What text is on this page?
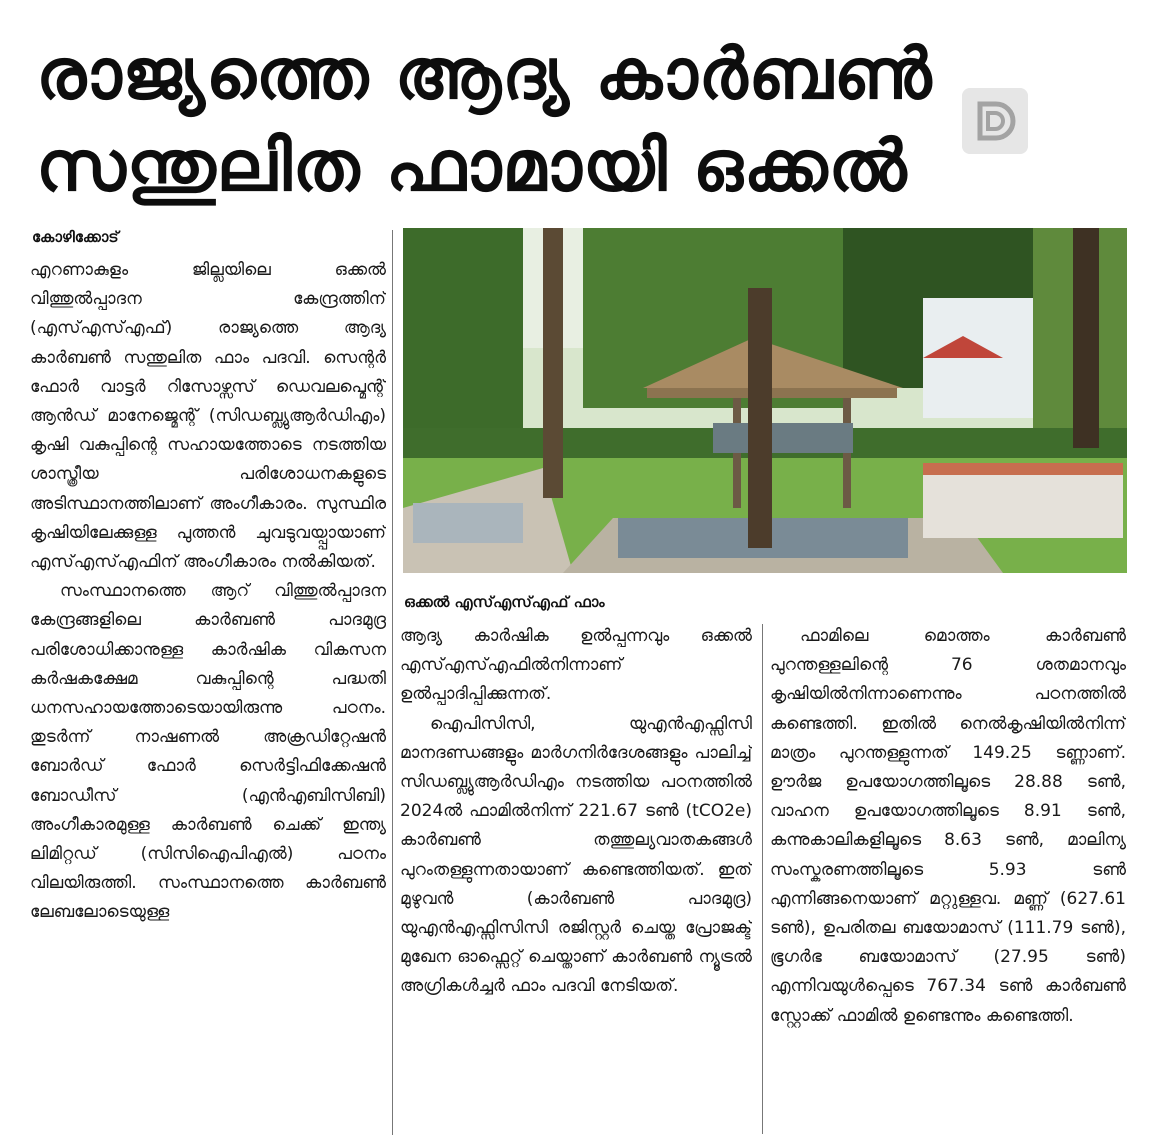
രാജ്യത്തെ ആദ്യ കാർബൺ
സന്തുലിത ഫാമായി ഒക്കൽ
കോഴിക്കോട്

എറണാകുളം ജില്ലയിലെ ഒക്കൽ വിത്തുൽപ്പാദന കേന്ദ്രത്തിന് (എസ്എസ്എഫ്) രാജ്യത്തെ ആദ്യ കാർബൺ സന്തുലിത ഫാം പദവി. സെന്റർ ഫോർ വാട്ടർ റിസോഴ്സസ് ഡെവലപ്മെന്റ് ആൻഡ് മാനേജ്മെന്റ് (സിഡബ്ല്യുആർഡിഎം) കൃഷി വകുപ്പിന്റെ സഹായത്തോടെ നടത്തിയ ശാസ്ത്രീയ പരിശോധനകളുടെ അടിസ്ഥാനത്തിലാണ് അംഗീകാരം. സുസ്ഥിര കൃഷിയിലേക്കുള്ള പുത്തൻ ചുവടുവയ്പ്പായാണ് എസ്എസ്എഫിന് അംഗീകാരം നൽകിയത്.

സംസ്ഥാനത്തെ ആറ് വിത്തുൽപ്പാദന കേന്ദ്രങ്ങളിലെ കാർബൺ പാദമുദ്ര പരിശോധിക്കാനുള്ള കാർഷിക വികസന കർഷകക്ഷേമ വകുപ്പിന്റെ പദ്ധതി ധനസഹായത്തോടെയായിരുന്നു പഠനം. തുടർന്ന് നാഷണൽ അക്രഡിറ്റേഷൻ ബോർഡ് ഫോർ സെർട്ടിഫിക്കേഷൻ ബോഡീസ് (എൻഎബിസിബി) അംഗീകാരമുള്ള കാർബൺ ചെക്ക് ഇന്ത്യ ലിമിറ്റഡ് (സിസിഐപിഎൽ) പഠനം വിലയിരുത്തി. സംസ്ഥാനത്തെ കാർബൺ ലേബലോടെയുള്ള

ഒക്കൽ എസ്എസ്എഫ് ഫാം

ആദ്യ കാർഷിക ഉൽപ്പന്നവും ഒക്കൽ എസ്എസ്എഫിൽനിന്നാണ് ഉൽപ്പാദിപ്പിക്കുന്നത്.

ഐപിസിസി, യുഎൻഎഫ്സിസി മാനദണ്ഡങ്ങളും മാർഗനിർദേശങ്ങളും പാലിച്ച് സിഡബ്ല്യുആർഡിഎം നടത്തിയ പഠനത്തിൽ 2024ൽ ഫാമിൽനിന്ന് 221.67 ടൺ (tCO2e) കാർബൺ തത്തുല്യവാതകങ്ങൾ പുറംതള്ളുന്നതായാണ് കണ്ടെത്തിയത്. ഇത് മുഴുവൻ (കാർബൺ പാദമുദ്ര) യുഎൻഎഫ്സിസിസി രജിസ്റ്റർ ചെയ്ത പ്രോജക്ട് മുഖേന ഓഫ്സെറ്റ് ചെയ്താണ് കാർബൺ ന്യൂട്രൽ അഗ്രികൾച്ചർ ഫാം പദവി നേടിയത്.

ഫാമിലെ മൊത്തം കാർബൺ പുറന്തള്ളലിന്റെ 76 ശതമാനവും കൃഷിയിൽനിന്നാണെന്നും പഠനത്തിൽ കണ്ടെത്തി. ഇതിൽ നെൽകൃഷിയിൽനിന്ന് മാത്രം പുറന്തള്ളുന്നത് 149.25 ടണ്ണാണ്. ഊർജ ഉപയോഗത്തിലൂടെ 28.88 ടൺ, വാഹന ഉപയോഗത്തിലൂടെ 8.91 ടൺ, കന്നുകാലികളിലൂടെ 8.63 ടൺ, മാലിന്യ സംസ്കരണത്തിലൂടെ 5.93 ടൺ എന്നിങ്ങനെയാണ് മറ്റുള്ളവ. മണ്ണ് (627.61 ടൺ), ഉപരിതല ബയോമാസ് (111.79 ടൺ), ഭൂഗർഭ ബയോമാസ് (27.95 ടൺ) എന്നിവയുൾപ്പെടെ 767.34 ടൺ കാർബൺ സ്റ്റോക്ക് ഫാമിൽ ഉണ്ടെന്നും കണ്ടെത്തി.
